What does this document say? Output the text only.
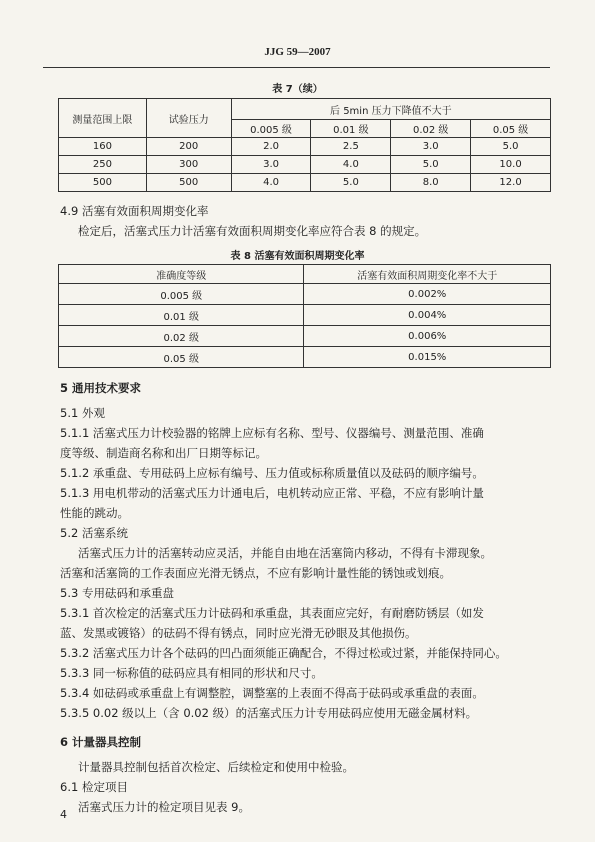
JJG 59—2007
表 7（续）
测量范围上限	试验压力	后 5min 压力下降值不大于			
		0.005 级	0.01 级	0.02 级	0.05 级
160	200	2.0	2.5	3.0	5.0
250	300	3.0	4.0	5.0	10.0
500	500	4.0	5.0	8.0	12.0
4.9 活塞有效面积周期变化率
检定后，活塞式压力计活塞有效面积周期变化率应符合表 8 的规定。
表 8 活塞有效面积周期变化率
准确度等级	活塞有效面积周期变化率不大于
0.005 级	0.002%
0.01 级	0.004%
0.02 级	0.006%
0.05 级	0.015%
5 通用技术要求
5.1 外观
5.1.1 活塞式压力计校验器的铭牌上应标有名称、型号、仪器编号、测量范围、准确
度等级、制造商名称和出厂日期等标记。
5.1.2 承重盘、专用砝码上应标有编号、压力值或标称质量值以及砝码的顺序编号。
5.1.3 用电机带动的活塞式压力计通电后，电机转动应正常、平稳，不应有影响计量
性能的跳动。
5.2 活塞系统
活塞式压力计的活塞转动应灵活，并能自由地在活塞筒内移动，不得有卡滞现象。
活塞和活塞筒的工作表面应光滑无锈点，不应有影响计量性能的锈蚀或划痕。
5.3 专用砝码和承重盘
5.3.1 首次检定的活塞式压力计砝码和承重盘，其表面应完好，有耐磨防锈层（如发
蓝、发黑或镀铬）的砝码不得有锈点，同时应光滑无砂眼及其他损伤。
5.3.2 活塞式压力计各个砝码的凹凸面须能正确配合，不得过松或过紧，并能保持同心。
5.3.3 同一标称值的砝码应具有相同的形状和尺寸。
5.3.4 如砝码或承重盘上有调整腔，调整塞的上表面不得高于砝码或承重盘的表面。
5.3.5 0.02 级以上（含 0.02 级）的活塞式压力计专用砝码应使用无磁金属材料。
6 计量器具控制
计量器具控制包括首次检定、后续检定和使用中检验。
6.1 检定项目
活塞式压力计的检定项目见表 9。
4
